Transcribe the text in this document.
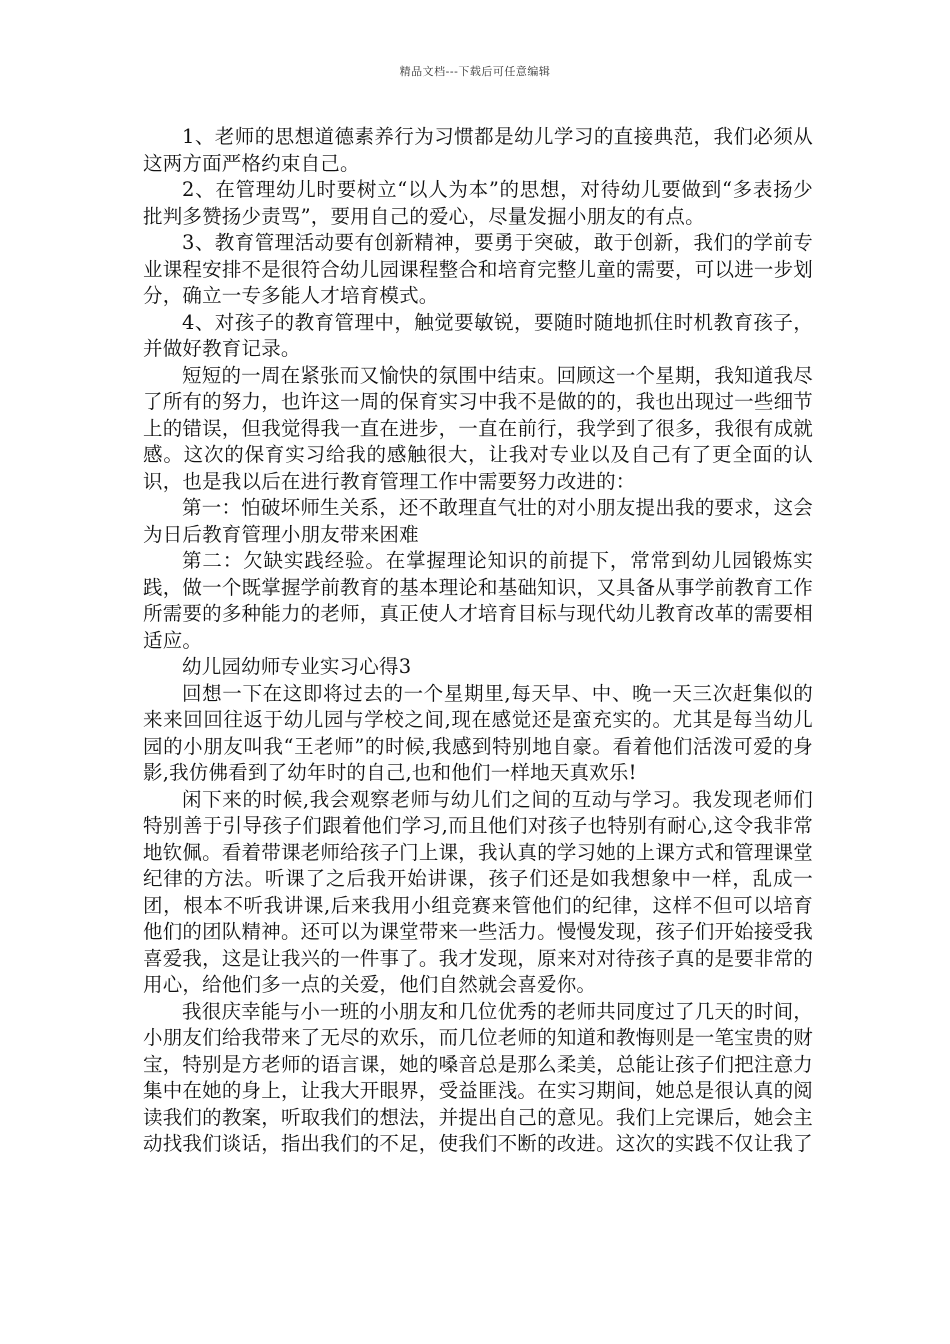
精品文档---下载后可任意编辑

1、老师的思想道德素养行为习惯都是幼儿学习的直接典范，我们必须从这两方面严格约束自己。

2、在管理幼儿时要树立“以人为本”的思想，对待幼儿要做到“多表扬少批判多赞扬少责骂”，要用自己的爱心，尽量发掘小朋友的有点。

3、教育管理活动要有创新精神，要勇于突破，敢于创新，我们的学前专业课程安排不是很符合幼儿园课程整合和培育完整儿童的需要，可以进一步划分，确立一专多能人才培育模式。

4、对孩子的教育管理中，触觉要敏锐，要随时随地抓住时机教育孩子，并做好教育记录。

短短的一周在紧张而又愉快的氛围中结束。回顾这一个星期，我知道我尽了所有的努力，也许这一周的保育实习中我不是做的的，我也出现过一些细节上的错误，但我觉得我一直在进步，一直在前行，我学到了很多，我很有成就感。这次的保育实习给我的感触很大，让我对专业以及自己有了更全面的认识，也是我以后在进行教育管理工作中需要努力改进的：

第一：怕破坏师生关系，还不敢理直气壮的对小朋友提出我的要求，这会为日后教育管理小朋友带来困难

第二：欠缺实践经验。在掌握理论知识的前提下，常常到幼儿园锻炼实践，做一个既掌握学前教育的基本理论和基础知识，又具备从事学前教育工作所需要的多种能力的老师，真正使人才培育目标与现代幼儿教育改革的需要相适应。

幼儿园幼师专业实习心得3

回想一下在这即将过去的一个星期里,每天早、中、晚一天三次赶集似的来来回回往返于幼儿园与学校之间,现在感觉还是蛮充实的。尤其是每当幼儿园的小朋友叫我“王老师”的时候,我感到特别地自豪。看着他们活泼可爱的身影,我仿佛看到了幼年时的自己,也和他们一样地天真欢乐!

闲下来的时候,我会观察老师与幼儿们之间的互动与学习。我发现老师们特别善于引导孩子们跟着他们学习,而且他们对孩子也特别有耐心,这令我非常地钦佩。看着带课老师给孩子门上课，我认真的学习她的上课方式和管理课堂纪律的方法。听课了之后我开始讲课，孩子们还是如我想象中一样，乱成一团，根本不听我讲课,后来我用小组竞赛来管他们的纪律，这样不但可以培育他们的团队精神。还可以为课堂带来一些活力。慢慢发现，孩子们开始接受我喜爱我，这是让我兴的一件事了。我才发现，原来对对待孩子真的是要非常的用心，给他们多一点的关爱，他们自然就会喜爱你。

我很庆幸能与小一班的小朋友和几位优秀的老师共同度过了几天的时间，小朋友们给我带来了无尽的欢乐，而几位老师的知道和教悔则是一笔宝贵的财宝，特别是方老师的语言课，她的嗓音总是那么柔美，总能让孩子们把注意力集中在她的身上，让我大开眼界，受益匪浅。在实习期间，她总是很认真的阅读我们的教案，听取我们的想法，并提出自己的意见。我们上完课后，她会主动找我们谈话，指出我们的不足，使我们不断的改进。这次的实践不仅让我了
